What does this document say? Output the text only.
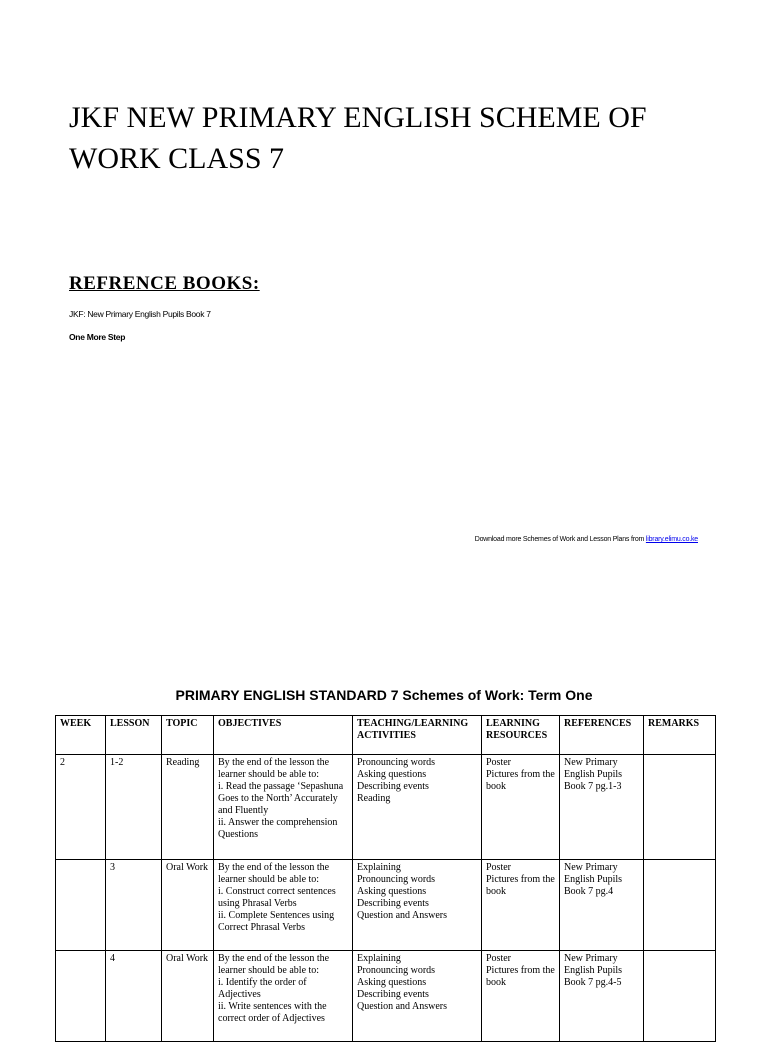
JKF NEW PRIMARY ENGLISH SCHEME OF WORK CLASS 7
REFRENCE BOOKS:
JKF: New Primary English Pupils Book 7
One More Step
Download more Schemes of Work and Lesson Plans from library.elimu.co.ke
PRIMARY ENGLISH STANDARD 7 Schemes of Work: Term One
WEEK	LESSON	TOPIC	OBJECTIVES	TEACHING/LEARNING ACTIVITIES	LEARNING RESOURCES	REFERENCES	REMARKS
2	1-2	Reading	By the end of the lesson the learner should be able to:
i. Read the passage ‘Sepashuna Goes to the North’ Accurately and Fluently
ii. Answer the comprehension Questions	Pronouncing words
Asking questions
Describing events
Reading	Poster
Pictures from the book	New Primary English Pupils Book 7 pg.1-3	

	3	Oral Work	By the end of the lesson the learner should be able to:
i. Construct correct sentences using Phrasal Verbs
ii. Complete Sentences using Correct Phrasal Verbs	Explaining
Pronouncing words
Asking questions
Describing events
Question and Answers	Poster
Pictures from the book	New Primary English Pupils Book 7 pg.4	

	4	Oral Work	By the end of the lesson the learner should be able to:
i. Identify the order of Adjectives
ii. Write sentences with the correct order of Adjectives	Explaining
Pronouncing words
Asking questions
Describing events
Question and Answers	Poster
Pictures from the book	New Primary English Pupils Book 7 pg.4-5	
